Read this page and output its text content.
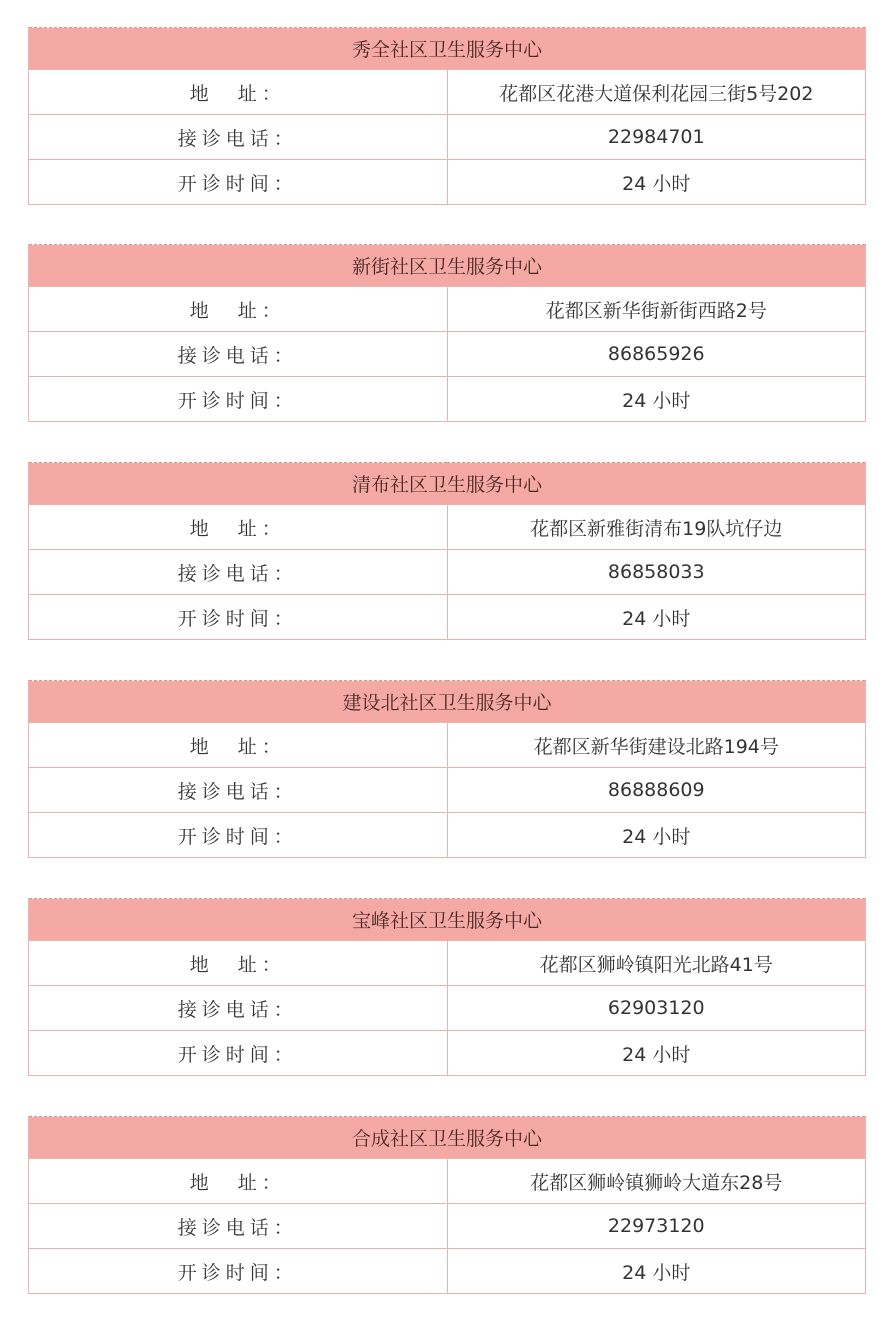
秀全社区卫生服务中心	
地　址：	花都区花港大道保利花园三街5号202
接诊电话：	22984701
开诊时间：	24 小时
新街社区卫生服务中心	
地　址：	花都区新华街新街西路2号
接诊电话：	86865926
开诊时间：	24 小时
清布社区卫生服务中心	
地　址：	花都区新雅街清布19队坑仔边
接诊电话：	86858033
开诊时间：	24 小时
建设北社区卫生服务中心	
地　址：	花都区新华街建设北路194号
接诊电话：	86888609
开诊时间：	24 小时
宝峰社区卫生服务中心	
地　址：	花都区狮岭镇阳光北路41号
接诊电话：	62903120
开诊时间：	24 小时
合成社区卫生服务中心	
地　址：	花都区狮岭镇狮岭大道东28号
接诊电话：	22973120
开诊时间：	24 小时
